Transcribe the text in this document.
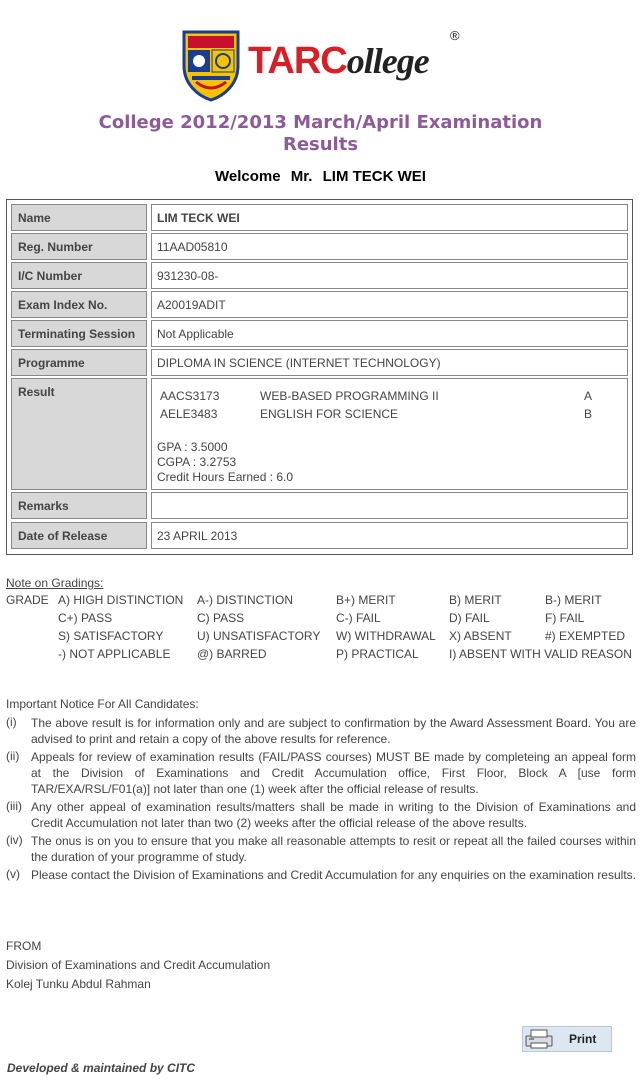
TARCollege
®
College 2012/2013 March/April Examination
Results
Welcome Mr. LIM TECK WEI
Name	LIM TECK WEI
Reg. Number	11AAD05810
I/C Number	931230-08-
Exam Index No.	A20019ADIT
Terminating Session	Not Applicable
Programme	DIPLOMA IN SCIENCE (INTERNET TECHNOLOGY)
Result	AACS3173	WEB-BASED PROGRAMMING II	A
AELE3483	ENGLISH FOR SCIENCE	B
GPA : 3.5000
CGPA : 3.2753
Credit Hours Earned : 6.0
Remarks
Date of Release	23 APRIL 2013
Note on Gradings:
GRADE A) HIGH DISTINCTION A-) DISTINCTION	B+) MERIT	B) MERIT	B-) MERIT
C+) PASS	C) PASS	C-) FAIL	D) FAIL	F) FAIL
S) SATISFACTORY	U) UNSATISFACTORY W) WITHDRAWAL X) ABSENT	#) EXEMPTED
-) NOT APPLICABLE @) BARRED	P) PRACTICAL	I) ABSENT WITH VALID REASON
Important Notice For All Candidates:
(i) The above result is for information only and are subject to confirmation by the Award Assessment Board. You are advised to print and retain a copy of the above results for reference.
(ii) Appeals for review of examination results (FAIL/PASS courses) MUST BE made by completeing an appeal form at the Division of Examinations and Credit Accumulation office, First Floor, Block A [use form TAR/EXA/RSL/F01(a)] not later than one (1) week after the official release of results.
(iii) Any other appeal of examination results/matters shall be made in writing to the Division of Examinations and Credit Accumulation not later than two (2) weeks after the official release of the above results.
(iv) The onus is on you to ensure that you make all reasonable attempts to resit or repeat all the failed courses within the duration of your programme of study.
(v) Please contact the Division of Examinations and Credit Accumulation for any enquiries on the examination results.
FROM
Division of Examinations and Credit Accumulation
Kolej Tunku Abdul Rahman
Print
Developed & maintained by CITC
